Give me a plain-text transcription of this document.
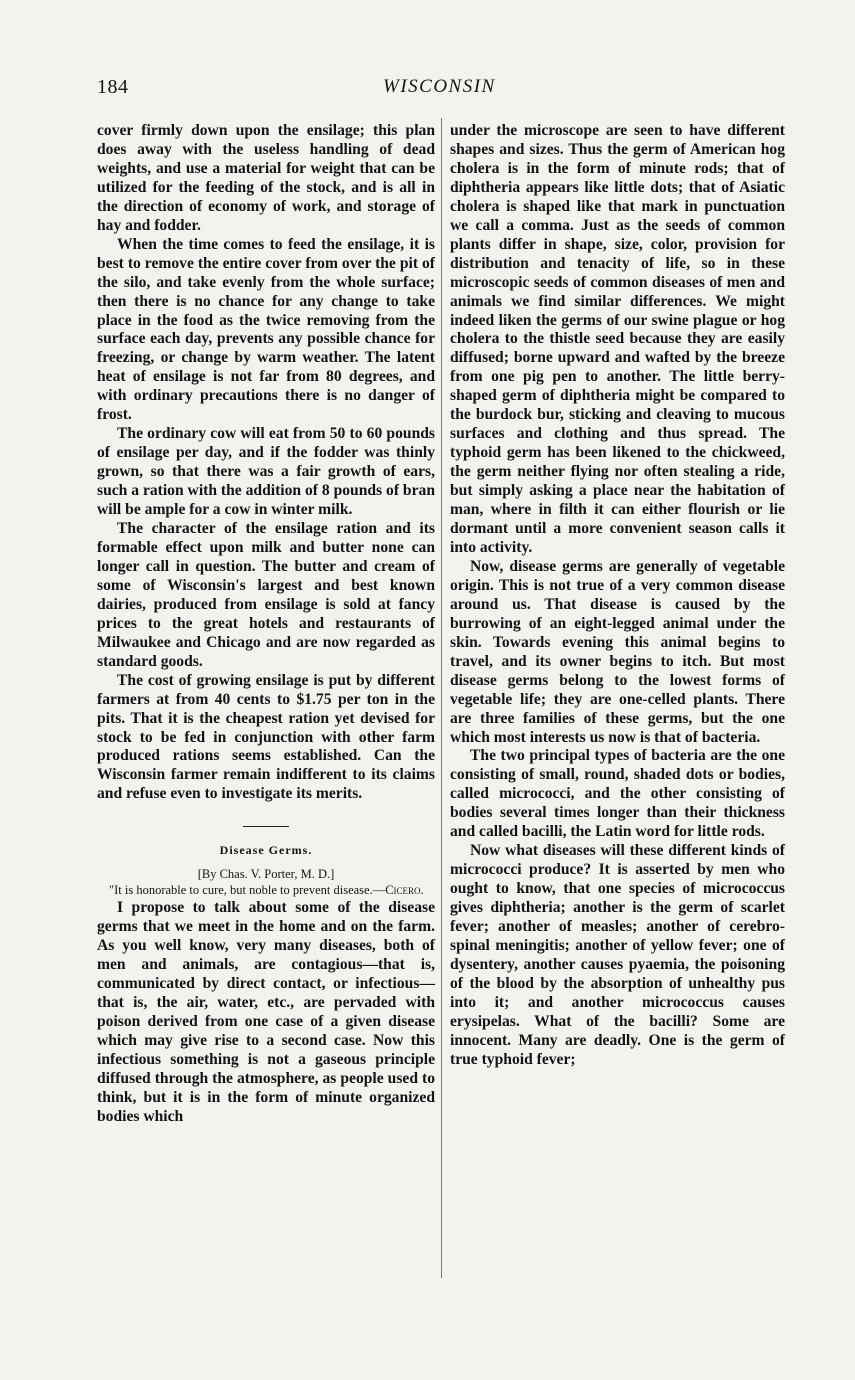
184	WISCONSIN

cover firmly down upon the ensilage; this plan does away with the useless handling of dead weights, and use a material for weight that can be utilized for the feeding of the stock, and is all in the direction of economy of work, and storage of hay and fodder.

When the time comes to feed the ensilage, it is best to remove the entire cover from over the pit of the silo, and take evenly from the whole surface; then there is no chance for any change to take place in the food as the twice removing from the surface each day, prevents any possible chance for freezing, or change by warm weather. The latent heat of ensilage is not far from 80 degrees, and with ordinary precautions there is no danger of frost.

The ordinary cow will eat from 50 to 60 pounds of ensilage per day, and if the fodder was thinly grown, so that there was a fair growth of ears, such a ration with the addition of 8 pounds of bran will be ample for a cow in winter milk.

The character of the ensilage ration and its formable effect upon milk and butter none can longer call in question. The butter and cream of some of Wisconsin's largest and best known dairies, produced from ensilage is sold at fancy prices to the great hotels and restaurants of Milwaukee and Chicago and are now regarded as standard goods.

The cost of growing ensilage is put by different farmers at from 40 cents to $1.75 per ton in the pits. That it is the cheapest ration yet devised for stock to be fed in conjunction with other farm produced rations seems established. Can the Wisconsin farmer remain indifferent to its claims and refuse even to investigate its merits.

Disease Germs.

[By Chas. V. Porter, M. D.]

"It is honorable to cure, but noble to prevent disease.—Cicero.

I propose to talk about some of the disease germs that we meet in the home and on the farm. As you well know, very many diseases, both of men and animals, are contagious—that is, communicated by direct contact, or infectious—that is, the air, water, etc., are pervaded with poison derived from one case of a given disease which may give rise to a second case. Now this infectious something is not a gaseous principle diffused through the atmosphere, as people used to think, but it is in the form of minute organized bodies which

under the microscope are seen to have different shapes and sizes. Thus the germ of American hog cholera is in the form of minute rods; that of diphtheria appears like little dots; that of Asiatic cholera is shaped like that mark in punctuation we call a comma. Just as the seeds of common plants differ in shape, size, color, provision for distribution and tenacity of life, so in these microscopic seeds of common diseases of men and animals we find similar differences. We might indeed liken the germs of our swine plague or hog cholera to the thistle seed because they are easily diffused; borne upward and wafted by the breeze from one pig pen to another. The little berry-shaped germ of diphtheria might be compared to the burdock bur, sticking and cleaving to mucous surfaces and clothing and thus spread. The typhoid germ has been likened to the chickweed, the germ neither flying nor often stealing a ride, but simply asking a place near the habitation of man, where in filth it can either flourish or lie dormant until a more convenient season calls it into activity.

Now, disease germs are generally of vegetable origin. This is not true of a very common disease around us. That disease is caused by the burrowing of an eight-legged animal under the skin. Towards evening this animal begins to travel, and its owner begins to itch. But most disease germs belong to the lowest forms of vegetable life; they are one-celled plants. There are three families of these germs, but the one which most interests us now is that of bacteria.

The two principal types of bacteria are the one consisting of small, round, shaded dots or bodies, called micrococci, and the other consisting of bodies several times longer than their thickness and called bacilli, the Latin word for little rods.

Now what diseases will these different kinds of micrococci produce? It is asserted by men who ought to know, that one species of micrococcus gives diphtheria; another is the germ of scarlet fever; another of measles; another of cerebro-spinal meningitis; another of yellow fever; one of dysentery, another causes pyaemia, the poisoning of the blood by the absorption of unhealthy pus into it; and another micrococcus causes erysipelas. What of the bacilli? Some are innocent. Many are deadly. One is the germ of true typhoid fever;
